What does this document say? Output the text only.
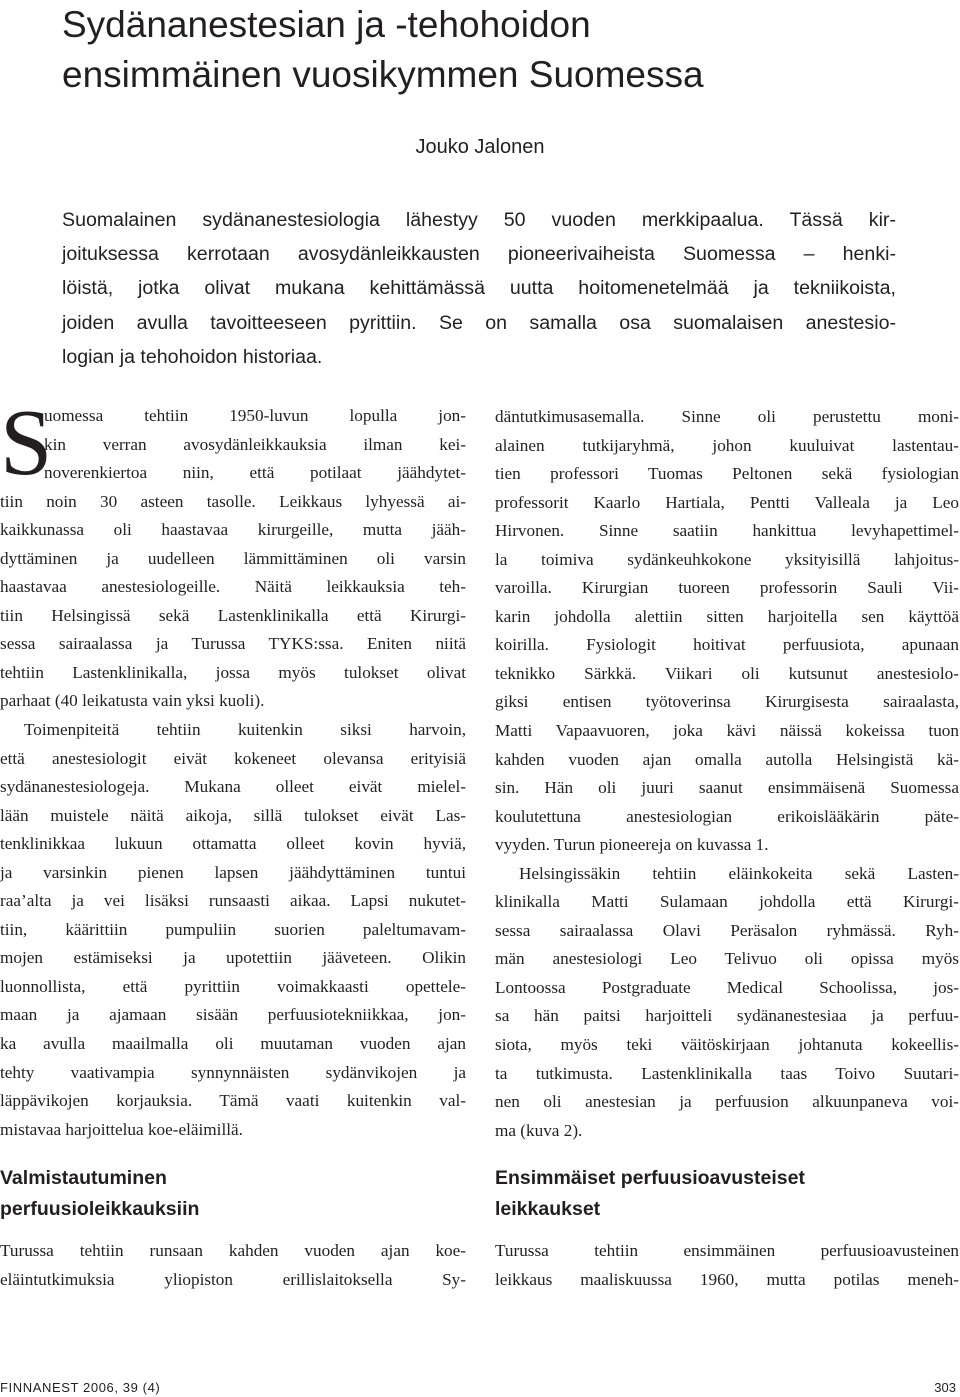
Sydänanestesian ja -tehohoidon
ensimmäinen vuosikymmen Suomessa
Jouko Jalonen
Suomalainen sydänanestesiologia lähestyy 50 vuoden merkkipaalua. Tässä kir-
joituksessa kerrotaan avosydänleikkausten pioneerivaiheista Suomessa – henki-
löistä, jotka olivat mukana kehittämässä uutta hoitomenetelmää ja tekniikoista,
joiden avulla tavoitteeseen pyrittiin. Se on samalla osa suomalaisen anestesio-
logian ja tehohoidon historiaa.
S
uomessa tehtiin 1950-luvun lopulla jon-
kin verran avosydänleikkauksia ilman kei-
noverenkiertoa niin, että potilaat jäähdytet-
tiin noin 30 asteen tasolle. Leikkaus lyhyessä ai-
kaikkunassa oli haastavaa kirurgeille, mutta jääh-
dyttäminen ja uudelleen lämmittäminen oli varsin
haastavaa anestesiologeille. Näitä leikkauksia teh-
tiin Helsingissä sekä Lastenklinikalla että Kirurgi-
sessa sairaalassa ja Turussa TYKS:ssa. Eniten niitä
tehtiin Lastenklinikalla, jossa myös tulokset olivat
parhaat (40 leikatusta vain yksi kuoli).
Toimenpiteitä tehtiin kuitenkin siksi harvoin,
että anestesiologit eivät kokeneet olevansa erityisiä
sydänanestesiologeja. Mukana olleet eivät mielel-
lään muistele näitä aikoja, sillä tulokset eivät Las-
tenklinikkaa lukuun ottamatta olleet kovin hyviä,
ja varsinkin pienen lapsen jäähdyttäminen tuntui
raa’alta ja vei lisäksi runsaasti aikaa. Lapsi nukutet-
tiin, käärittiin pumpuliin suorien paleltumavam-
mojen estämiseksi ja upotettiin jääveteen. Olikin
luonnollista, että pyrittiin voimakkaasti opettele-
maan ja ajamaan sisään perfuusiotekniikkaa, jon-
ka avulla maailmalla oli muutaman vuoden ajan
tehty vaativampia synnynnäisten sydänvikojen ja
läppävikojen korjauksia. Tämä vaati kuitenkin val-
mistavaa harjoittelua koe-eläimillä.
däntutkimusasemalla. Sinne oli perustettu moni-
alainen tutkijaryhmä, johon kuuluivat lastentau-
tien professori Tuomas Peltonen sekä fysiologian
professorit Kaarlo Hartiala, Pentti Valleala ja Leo
Hirvonen. Sinne saatiin hankittua levyhapettimel-
la toimiva sydänkeuhkokone yksityisillä lahjoitus-
varoilla. Kirurgian tuoreen professorin Sauli Vii-
karin johdolla alettiin sitten harjoitella sen käyttöä
koirilla. Fysiologit hoitivat perfuusiota, apunaan
teknikko Särkkä. Viikari oli kutsunut anestesiolo-
giksi entisen työtoverinsa Kirurgisesta sairaalasta,
Matti Vapaavuoren, joka kävi näissä kokeissa tuon
kahden vuoden ajan omalla autolla Helsingistä kä-
sin. Hän oli juuri saanut ensimmäisenä Suomessa
koulutettuna anestesiologian erikoislääkärin päte-
vyyden. Turun pioneereja on kuvassa 1.
Helsingissäkin tehtiin eläinkokeita sekä Lasten-
klinikalla Matti Sulamaan johdolla että Kirurgi-
sessa sairaalassa Olavi Peräsalon ryhmässä. Ryh-
män anestesiologi Leo Telivuo oli opissa myös
Lontoossa Postgraduate Medical Schoolissa, jos-
sa hän paitsi harjoitteli sydänanestesiaa ja perfuu-
siota, myös teki väitöskirjaan johtanuta kokeellis-
ta tutkimusta. Lastenklinikalla taas Toivo Suutari-
nen oli anestesian ja perfuusion alkuunpaneva voi-
ma (kuva 2).
Valmistautuminen
perfuusioleikkauksiin
Ensimmäiset perfuusioavusteiset
leikkaukset
Turussa tehtiin runsaan kahden vuoden ajan koe-
eläintutkimuksia yliopiston erillislaitoksella Sy-
Turussa tehtiin ensimmäinen perfuusioavusteinen
leikkaus maaliskuussa 1960, mutta potilas meneh-
FINNANEST 2006, 39 (4)	303
